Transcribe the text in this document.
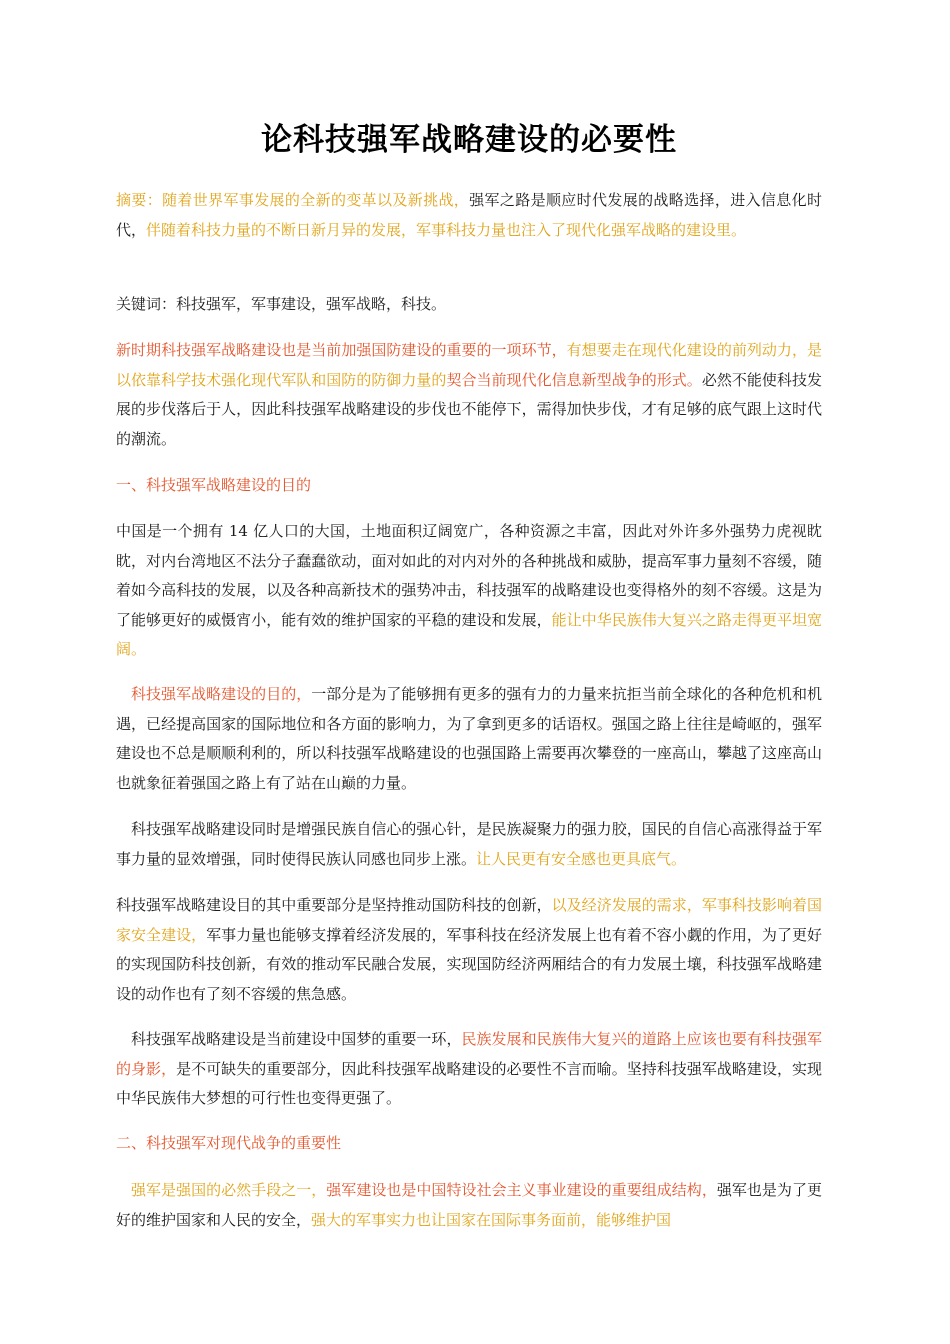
论科技强军战略建设的必要性

摘要：随着世界军事发展的全新的变革以及新挑战，强军之路是顺应时代发展的战略选择，进入信息化时代，伴随着科技力量的不断日新月异的发展，军事科技力量也注入了现代化强军战略的建设里。

关键词：科技强军，军事建设，强军战略，科技。

新时期科技强军战略建设也是当前加强国防建设的重要的一项环节，有想要走在现代化建设的前列动力，是以依靠科学技术强化现代军队和国防的防御力量的契合当前现代化信息新型战争的形式。必然不能使科技发展的步伐落后于人，因此科技强军战略建设的步伐也不能停下，需得加快步伐，才有足够的底气跟上这时代的潮流。

一、科技强军战略建设的目的

中国是一个拥有 14 亿人口的大国，土地面积辽阔宽广，各种资源之丰富，因此对外许多外强势力虎视眈眈，对内台湾地区不法分子蠢蠢欲动，面对如此的对内对外的各种挑战和威胁，提高军事力量刻不容缓，随着如今高科技的发展，以及各种高新技术的强势冲击，科技强军的战略建设也变得格外的刻不容缓。这是为了能够更好的威慑宵小，能有效的维护国家的平稳的建设和发展，能让中华民族伟大复兴之路走得更平坦宽阔。

科技强军战略建设的目的，一部分是为了能够拥有更多的强有力的力量来抗拒当前全球化的各种危机和机遇，已经提高国家的国际地位和各方面的影响力，为了拿到更多的话语权。强国之路上往往是崎岖的，强军建设也不总是顺顺利利的，所以科技强军战略建设的也强国路上需要再次攀登的一座高山，攀越了这座高山也就象征着强国之路上有了站在山巅的力量。

科技强军战略建设同时是增强民族自信心的强心针，是民族凝聚力的强力胶，国民的自信心高涨得益于军事力量的显效增强，同时使得民族认同感也同步上涨。让人民更有安全感也更具底气。

科技强军战略建设目的其中重要部分是坚持推动国防科技的创新，以及经济发展的需求，军事科技影响着国家安全建设，军事力量也能够支撑着经济发展的，军事科技在经济发展上也有着不容小觑的作用，为了更好的实现国防科技创新，有效的推动军民融合发展，实现国防经济两厢结合的有力发展土壤，科技强军战略建设的动作也有了刻不容缓的焦急感。

科技强军战略建设是当前建设中国梦的重要一环，民族发展和民族伟大复兴的道路上应该也要有科技强军的身影，是不可缺失的重要部分，因此科技强军战略建设的必要性不言而喻。坚持科技强军战略建设，实现中华民族伟大梦想的可行性也变得更强了。

二、科技强军对现代战争的重要性

强军是强国的必然手段之一，强军建设也是中国特设社会主义事业建设的重要组成结构，强军也是为了更好的维护国家和人民的安全，强大的军事实力也让国家在国际事务面前，能够维护国
